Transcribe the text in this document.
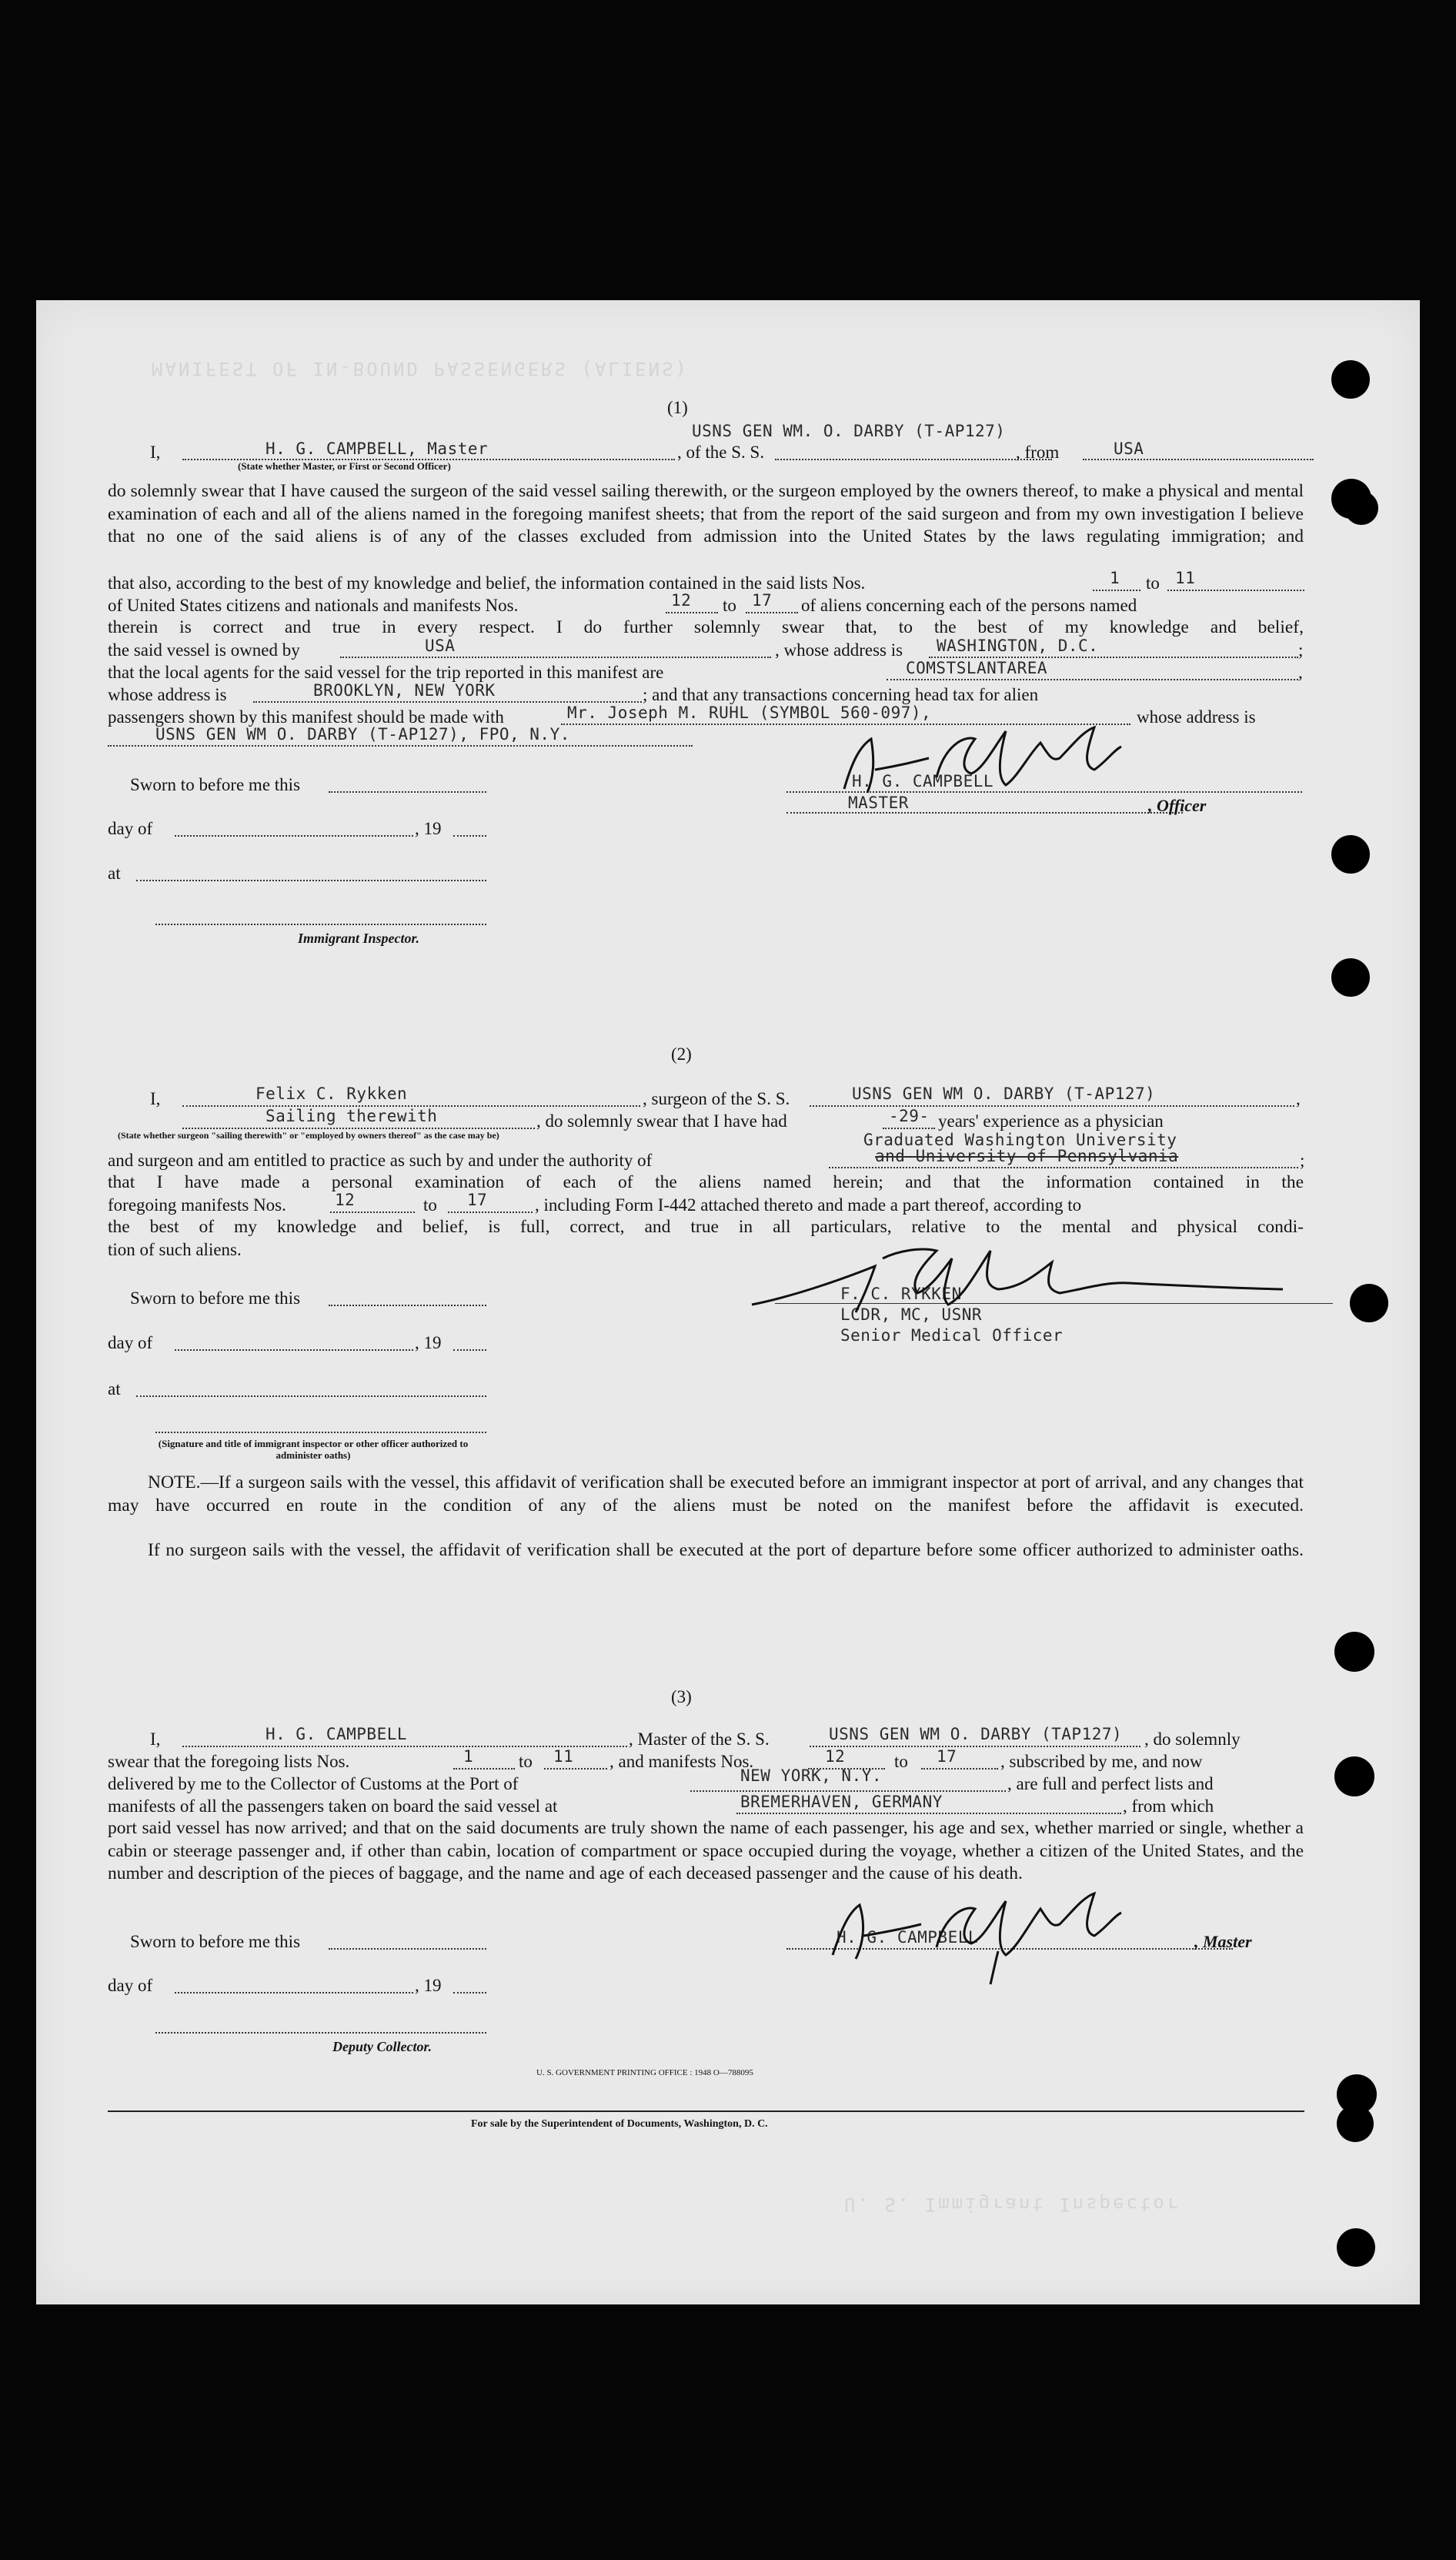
MANIFEST OF IN-BOUND PASSENGERS (ALIENS)
U. S. Immigrant Inspector
(1)
I,	H. G. CAMPBELL, Master	, of the S. S.
USNS GEN WM. O. DARBY (T-AP127)
, from	USA
(State whether Master, or First or Second Officer)
do solemnly swear that I have caused the surgeon of the said vessel sailing therewith, or the surgeon employed by the owners thereof, to make a physical and mental examination of each and all of the aliens named in the foregoing manifest sheets; that from the report of the said surgeon and from my own investigation I believe that no one of the said aliens is of any of the classes excluded from admission into the United States by the laws regulating immigration; and
that also, according to the best of my knowledge and belief, the information contained in the said lists Nos.	1 to 11
of United States citizens and nationals and manifests Nos.	12 to 17 of aliens concerning each of the persons named
therein is correct and true in every respect. I do further solemnly swear that, to the best of my knowledge and belief,
the said vessel is owned by	USA	, whose address is WASHINGTON, D.C.	;
that the local agents for the said vessel for the trip reported in this manifest are	COMSTSLANTAREA	,
whose address is	BROOKLYN, NEW YORK	; and that any transactions concerning head tax for alien
passengers shown by this manifest should be made with	Mr. Joseph M. RUHL (SYMBOL 560-097),	whose address is
USNS GEN WM O. DARBY (T-AP127), FPO, N.Y.
Sworn to before me this
day of	, 19
at
Immigrant Inspector.
H. G. CAMPBELL
MASTER	, Officer
(2)
I,	Felix C. Rykken	, surgeon of the S. S.	USNS GEN WM O. DARBY (T-AP127)	,
Sailing therewith	, do solemnly swear that I have had	-29- years' experience as a physician
(State whether surgeon "sailing therewith" or "employed by owners thereof" as the case may be)	Graduated Washington University
and surgeon and am entitled to practice as such by and under the authority of	and University of Pennsylvania	;
that I have made a personal examination of each of the aliens named herein; and that the information contained in the
foregoing manifests Nos.	12	to 17	, including Form I-442 attached thereto and made a part thereof, according to
the best of my knowledge and belief, is full, correct, and true in all particulars, relative to the mental and physical condi-
tion of such aliens.
Sworn to before me this
day of	, 19
at
(Signature and title of immigrant inspector or other officer authorized to administer oaths)
F. C. RYKKEN
LCDR, MC, USNR
Senior Medical Officer
NOTE.—If a surgeon sails with the vessel, this affidavit of verification shall be executed before an immigrant inspector at port of arrival, and any changes that may have occurred en route in the condition of any of the aliens must be noted on the manifest before the affidavit is executed.
If no surgeon sails with the vessel, the affidavit of verification shall be executed at the port of departure before some officer authorized to administer oaths.
(3)
I,	H. G. CAMPBELL	, Master of the S. S.	USNS GEN WM O. DARBY (TAP127) , do solemnly
swear that the foregoing lists Nos.	1	to 11 , and manifests Nos.	12	to 17 , subscribed by me, and now
delivered by me to the Collector of Customs at the Port of	NEW YORK, N.Y.	, are full and perfect lists and
manifests of all the passengers taken on board the said vessel at	BREMERHAVEN, GERMANY	, from which
port said vessel has now arrived; and that on the said documents are truly shown the name of each passenger, his age and sex, whether married or single, whether a cabin or steerage passenger and, if other than cabin, location of compartment or space occupied during the voyage, whether a citizen of the United States, and the number and description of the pieces of baggage, and the name and age of each deceased passenger and the cause of his death.
Sworn to before me this
day of	, 19
Deputy Collector.
H. G. CAMPBELL	, Master
U. S. GOVERNMENT PRINTING OFFICE : 1948 O—788095
For sale by the Superintendent of Documents, Washington, D. C.
